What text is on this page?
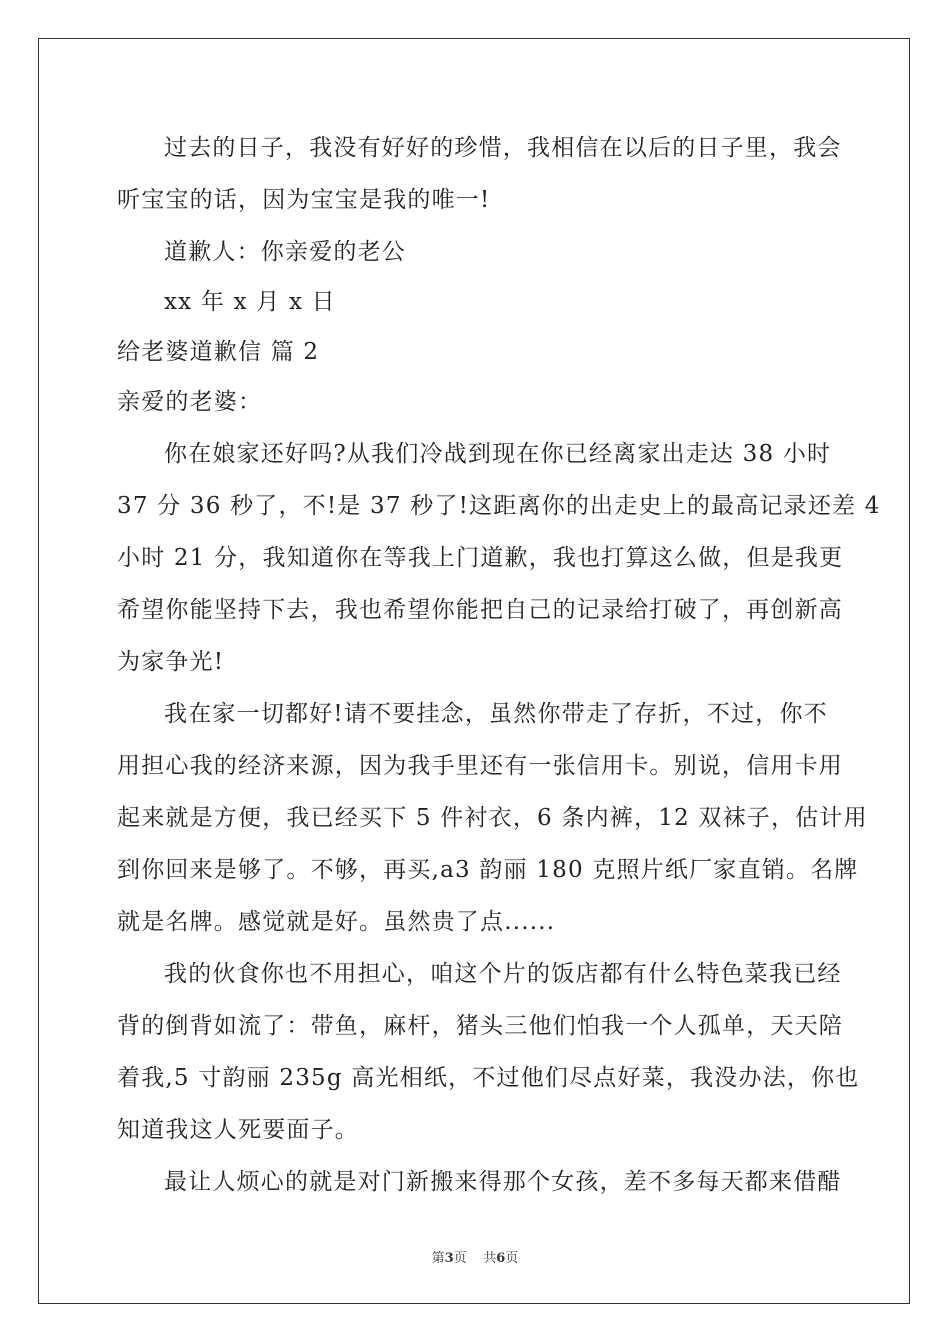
过去的日子，我没有好好的珍惜，我相信在以后的日子里，我会
听宝宝的话，因为宝宝是我的唯一!
道歉人：你亲爱的老公
xx 年 x 月 x 日
给老婆道歉信 篇 2
亲爱的老婆：
你在娘家还好吗?从我们冷战到现在你已经离家出走达 38 小时
37 分 36 秒了，不!是 37 秒了!这距离你的出走史上的最高记录还差 4
小时 21 分，我知道你在等我上门道歉，我也打算这么做，但是我更
希望你能坚持下去，我也希望你能把自己的记录给打破了，再创新高
为家争光!
我在家一切都好!请不要挂念，虽然你带走了存折，不过，你不
用担心我的经济来源，因为我手里还有一张信用卡。别说，信用卡用
起来就是方便，我已经买下 5 件衬衣，6 条内裤，12 双袜子，估计用
到你回来是够了。不够，再买,a3 韵丽 180 克照片纸厂家直销。名牌
就是名牌。感觉就是好。虽然贵了点......
我的伙食你也不用担心，咱这个片的饭店都有什么特色菜我已经
背的倒背如流了：带鱼，麻杆，猪头三他们怕我一个人孤单，天天陪
着我,5 寸韵丽 235g 高光相纸，不过他们尽点好菜，我没办法，你也
知道我这人死要面子。
最让人烦心的就是对门新搬来得那个女孩，差不多每天都来借醋
第3页 共6页
